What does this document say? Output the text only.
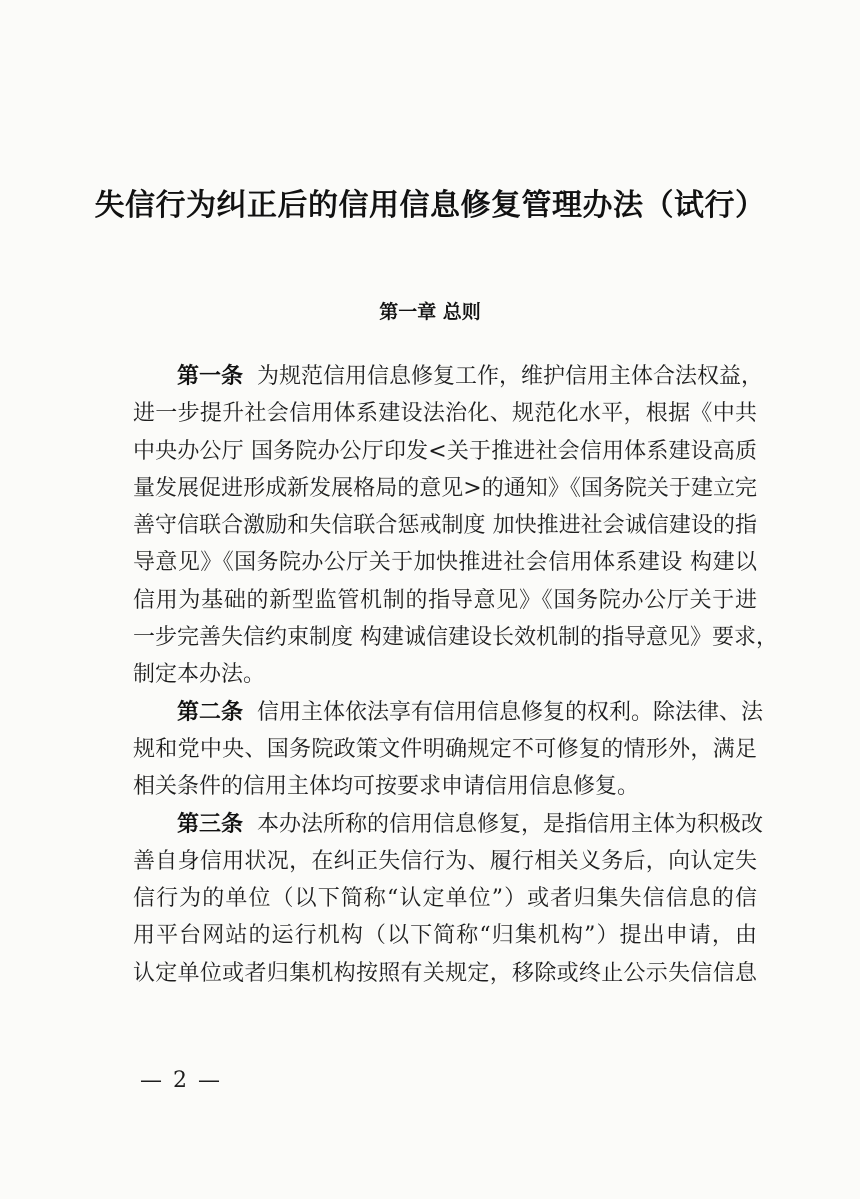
失信行为纠正后的信用信息修复管理办法（试行）
第一章 总则
第一条 为规范信用信息修复工作，维护信用主体合法权益，
进一步提升社会信用体系建设法治化、规范化水平，根据《中共
中央办公厅 国务院办公厅印发<关于推进社会信用体系建设高质
量发展促进形成新发展格局的意见>的通知》《国务院关于建立完
善守信联合激励和失信联合惩戒制度 加快推进社会诚信建设的指
导意见》《国务院办公厅关于加快推进社会信用体系建设 构建以
信用为基础的新型监管机制的指导意见》《国务院办公厅关于进
一步完善失信约束制度 构建诚信建设长效机制的指导意见》要求，
制定本办法。
第二条 信用主体依法享有信用信息修复的权利。除法律、法
规和党中央、国务院政策文件明确规定不可修复的情形外，满足
相关条件的信用主体均可按要求申请信用信息修复。
第三条 本办法所称的信用信息修复，是指信用主体为积极改
善自身信用状况，在纠正失信行为、履行相关义务后，向认定失
信行为的单位（以下简称“认定单位”）或者归集失信信息的信
用平台网站的运行机构（以下简称“归集机构”）提出申请，由
认定单位或者归集机构按照有关规定，移除或终止公示失信信息
— 2 —
